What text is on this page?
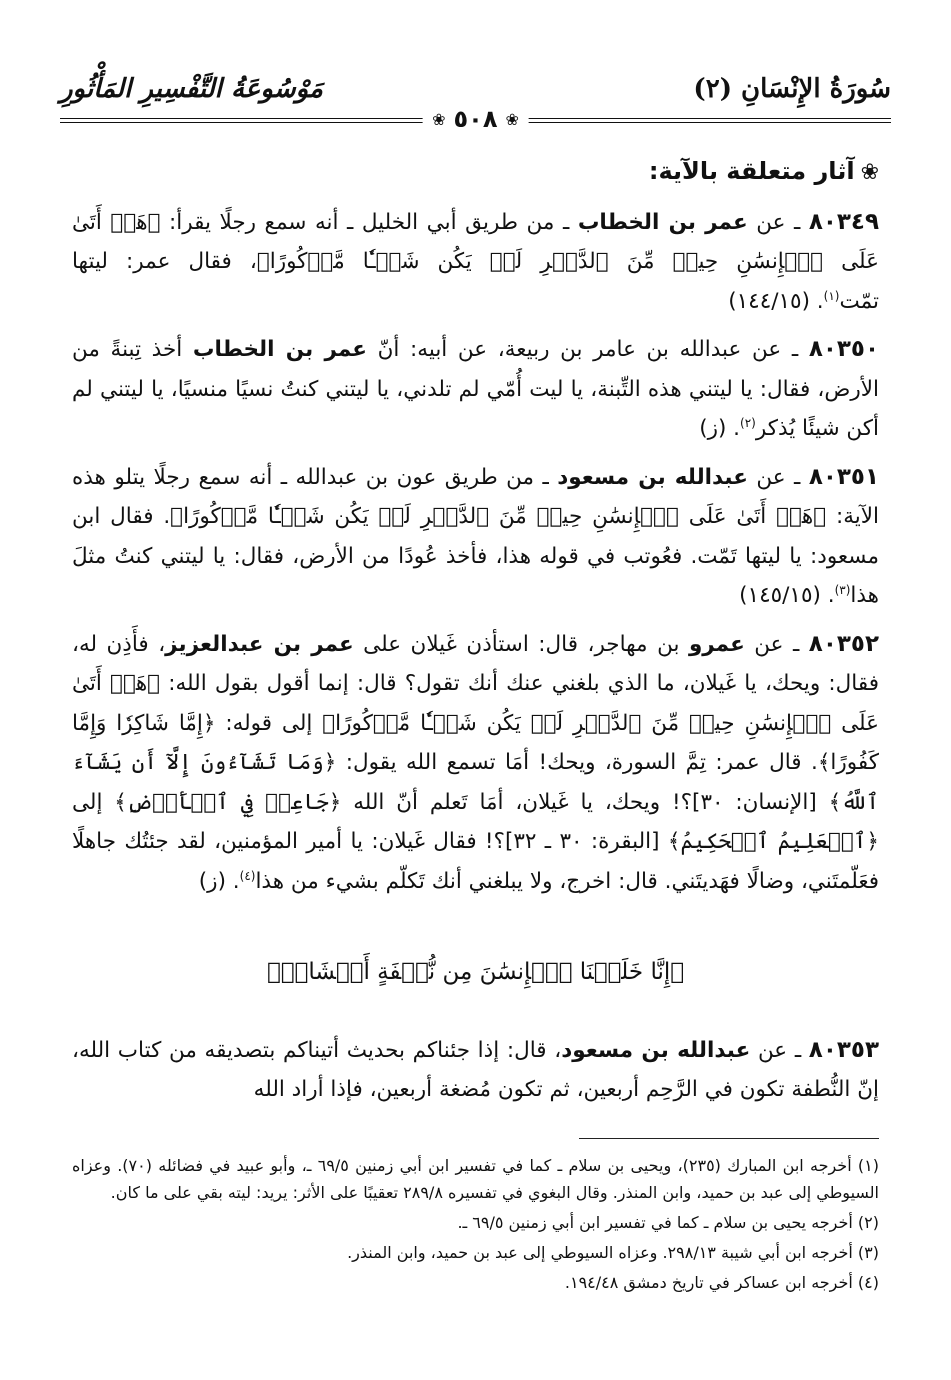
سُورَةُ الإِنْسَانِ (٢)
مَوْسُوعَةُ التَّفْسِيرِ المَأْثُورِ
❀
٥٠٨
❀
❀آثار متعلقة بالآية:

٨٠٣٤٩ ـ عن عمر بن الخطاب ـ من طريق أبي الخليل ـ أنه سمع رجلًا يقرأ: ﴿هَلۡ أَتَىٰ عَلَى ٱلۡإِنسَٰنِ حِينٞ مِّنَ ٱلدَّهۡرِ لَمۡ يَكُن شَيۡـٔٗا مَّذۡكُورًا﴾، فقال عمر: ليتها تمّت$^{(١)}$. (١٤٤/١٥)

٨٠٣٥٠ ـ عن عبدالله بن عامر بن ربيعة، عن أبيه: أنّ عمر بن الخطاب أخذ تِبنةً من الأرض، فقال: يا ليتني هذه التِّبنة، يا ليت أُمّي لم تلدني، يا ليتني كنتُ نسيًا منسيًا، يا ليتني لم أكن شيئًا يُذكر$^{(٢)}$. (ز)

٨٠٣٥١ ـ عن عبدالله بن مسعود ـ من طريق عون بن عبدالله ـ أنه سمع رجلًا يتلو هذه الآية: ﴿هَلۡ أَتَىٰ عَلَى ٱلۡإِنسَٰنِ حِينٞ مِّنَ ٱلدَّهۡرِ لَمۡ يَكُن شَيۡـٔٗا مَّذۡكُورًا﴾. فقال ابن مسعود: يا ليتها تَمّت. فعُوتب في قوله هذا، فأخذ عُودًا من الأرض، فقال: يا ليتني كنتُ مثلَ هذا$^{(٣)}$. (١٤٥/١٥)

٨٠٣٥٢ ـ عن عمرو بن مهاجر، قال: استأذن غَيلان على عمر بن عبدالعزيز، فأَذِن له، فقال: ويحك، يا غَيلان، ما الذي بلغني عنك أنك تقول؟ قال: إنما أقول بقول الله: ﴿هَلۡ أَتَىٰ عَلَى ٱلۡإِنسَٰنِ حِينٞ مِّنَ ٱلدَّهۡرِ لَمۡ يَكُن شَيۡـٔٗا مَّذۡكُورًا﴾ إلى قوله: ﴿إِمَّا شَاكِرٗا وَإِمَّا كَفُورًا﴾. قال عمر: تِمَّ السورة، ويحك! أمَا تسمع الله يقول: ﴿وَمَا تَشَآءُونَ إِلَّآ أَن يَشَآءَ ٱللَّهُ﴾ [الإنسان: ٣٠]؟! ويحك، يا غَيلان، أمَا تَعلم أنّ الله ﴿جَاعِلٞ فِي ٱلۡأَرۡضِ﴾ إلى ﴿ٱلۡعَلِيمُ ٱلۡحَكِيمُ﴾ [البقرة: ٣٠ ـ ٣٢]؟! فقال غَيلان: يا أمير المؤمنين، لقد جئتُك جاهلًا فعَلّمتَني، وضالًا فهَديتَني. قال: اخرج، ولا يبلغني أنك تَكلّم بشيء من هذا$^{(٤)}$. (ز)

﴿إِنَّا خَلَقۡنَا ٱلۡإِنسَٰنَ مِن نُّطۡفَةٍ أَمۡشَاجٖ﴾

٨٠٣٥٣ ـ عن عبدالله بن مسعود، قال: إذا جئناكم بحديث أتيناكم بتصديقه من كتاب الله، إنّ النُّطفة تكون في الرَّحِم أربعين، ثم تكون مُضغة أربعين، فإذا أراد الله

(١) أخرجه ابن المبارك (٢٣٥)، ويحيى بن سلام ـ كما في تفسير ابن أبي زمنين ٦٩/٥ ـ، وأبو عبيد في فضائله (٧٠). وعزاه السيوطي إلى عبد بن حميد، وابن المنذر. وقال البغوي في تفسيره ٢٨٩/٨ تعقيبًا على الأثر: يريد: ليته بقي على ما كان.

(٢) أخرجه يحيى بن سلام ـ كما في تفسير ابن أبي زمنين ٦٩/٥ ـ.

(٣) أخرجه ابن أبي شيبة ٢٩٨/١٣. وعزاه السيوطي إلى عبد بن حميد، وابن المنذر.

(٤) أخرجه ابن عساكر في تاريخ دمشق ١٩٤/٤٨.
